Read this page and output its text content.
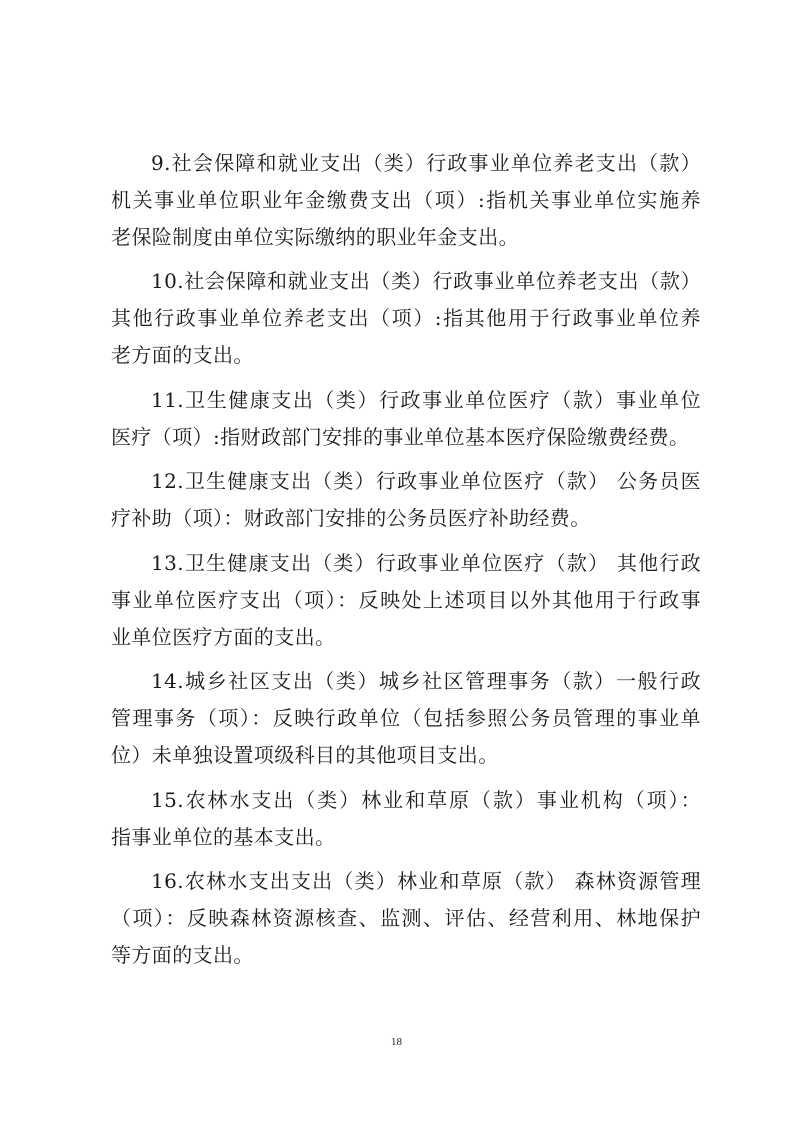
9.社会保障和就业支出（类）行政事业单位养老支出（款）
机关事业单位职业年金缴费支出（项）:指机关事业单位实施养
老保险制度由单位实际缴纳的职业年金支出。
10.社会保障和就业支出（类）行政事业单位养老支出（款）
其他行政事业单位养老支出（项）:指其他用于行政事业单位养
老方面的支出。
11.卫生健康支出（类）行政事业单位医疗（款）事业单位
医疗（项）:指财政部门安排的事业单位基本医疗保险缴费经费。
12.卫生健康支出（类）行政事业单位医疗（款） 公务员医
疗补助（项）：财政部门安排的公务员医疗补助经费。
13.卫生健康支出（类）行政事业单位医疗（款） 其他行政
事业单位医疗支出（项）：反映处上述项目以外其他用于行政事
业单位医疗方面的支出。
14.城乡社区支出（类）城乡社区管理事务（款）一般行政
管理事务（项）：反映行政单位（包括参照公务员管理的事业单
位）未单独设置项级科目的其他项目支出。
15.农林水支出（类）林业和草原（款）事业机构（项）：
指事业单位的基本支出。
16.农林水支出支出（类）林业和草原（款） 森林资源管理
（项）：反映森林资源核查、监测、评估、经营利用、林地保护
等方面的支出。
18
